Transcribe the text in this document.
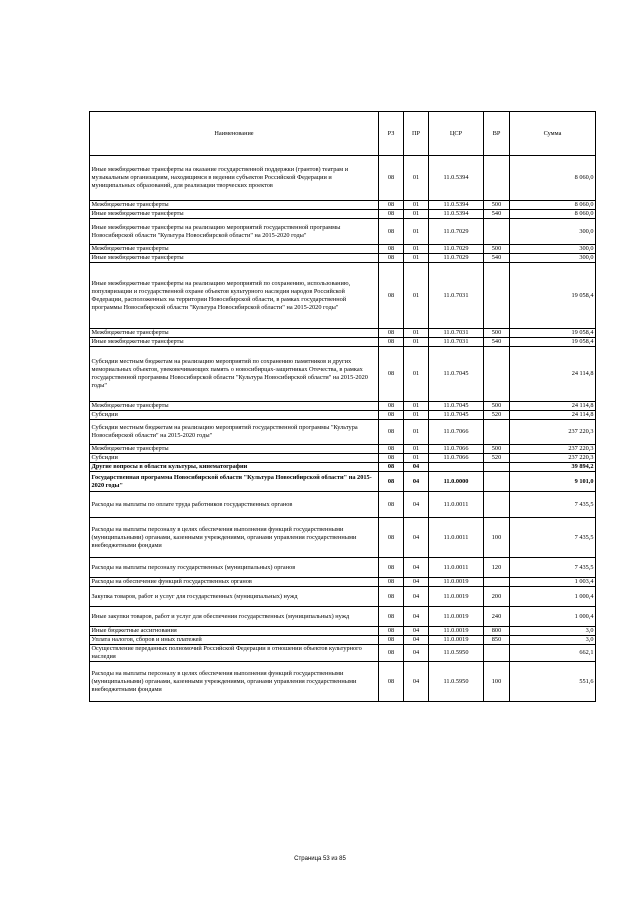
Наименование	РЗ	ПР	ЦСР	ВР	Сумма
Иные межбюджетные трансферты на оказание государственной поддержки (грантов) театрам и музыкальным организациям, находящимся в ведении субъектов Российской Федерации и муниципальных образований, для реализации творческих проектов	08	01	11.0.5394		8 060,0
Межбюджетные трансферты	08	01	11.0.5394	500	8 060,0
Иные межбюджетные трансферты	08	01	11.0.5394	540	8 060,0
Иные межбюджетные трансферты на реализацию мероприятий государственной программы Новосибирской области "Культура Новосибирской области" на 2015-2020 годы"	08	01	11.0.7029		300,0
Межбюджетные трансферты	08	01	11.0.7029	500	300,0
Иные межбюджетные трансферты	08	01	11.0.7029	540	300,0
Иные межбюджетные трансферты на реализацию мероприятий по сохранению, использованию, популяризации и государственной охране объектов культурного наследия народов Российской Федерации, расположенных на территории Новосибирской области, в рамках государственной программы Новосибирской области "Культура Новосибирской области" на 2015-2020 годы"	08	01	11.0.7031		19 058,4
Межбюджетные трансферты	08	01	11.0.7031	500	19 058,4
Иные межбюджетные трансферты	08	01	11.0.7031	540	19 058,4
Субсидии местным бюджетам на реализацию мероприятий по сохранению памятников и других мемориальных объектов, увековечивающих память о новосибирцах-защитниках Отечества, в рамках государственной программы Новосибирской области "Культура Новосибирской области" на 2015-2020 годы"	08	01	11.0.7045		24 114,8
Межбюджетные трансферты	08	01	11.0.7045	500	24 114,8
Субсидии	08	01	11.0.7045	520	24 114,8
Субсидии местным бюджетам на реализацию мероприятий государственной программы "Культура Новосибирской области" на 2015-2020 годы"	08	01	11.0.7066		237 220,3
Межбюджетные трансферты	08	01	11.0.7066	500	237 220,3
Субсидии	08	01	11.0.7066	520	237 220,3
Другие вопросы в области культуры, кинематографии	08	04			39 894,2
Государственная программа Новосибирской области "Культура Новосибирской области" на 2015-2020 годы"	08	04	11.0.0000		9 101,0
Расходы на выплаты по оплате труда работников государственных органов	08	04	11.0.0011		7 435,5
Расходы на выплаты персоналу в целях обеспечения выполнения функций государственными (муниципальными) органами, казенными учреждениями, органами управления государственными внебюджетными фондами	08	04	11.0.0011	100	7 435,5
Расходы на выплаты персоналу государственных (муниципальных) органов	08	04	11.0.0011	120	7 435,5
Расходы на обеспечение функций государственных органов	08	04	11.0.0019		1 003,4
Закупка товаров, работ и услуг для государственных (муниципальных) нужд	08	04	11.0.0019	200	1 000,4
Иные закупки товаров, работ и услуг для обеспечения государственных (муниципальных) нужд	08	04	11.0.0019	240	1 000,4
Иные бюджетные ассигнования	08	04	11.0.0019	800	3,0
Уплата налогов, сборов и иных платежей	08	04	11.0.0019	850	3,0
Осуществление переданных полномочий Российской Федерации в отношении объектов культурного наследия	08	04	11.0.5950		662,1
Расходы на выплаты персоналу в целях обеспечения выполнения функций государственными (муниципальными) органами, казенными учреждениями, органами управления государственными внебюджетными фондами	08	04	11.0.5950	100	551,6
Страница 53 из 85
